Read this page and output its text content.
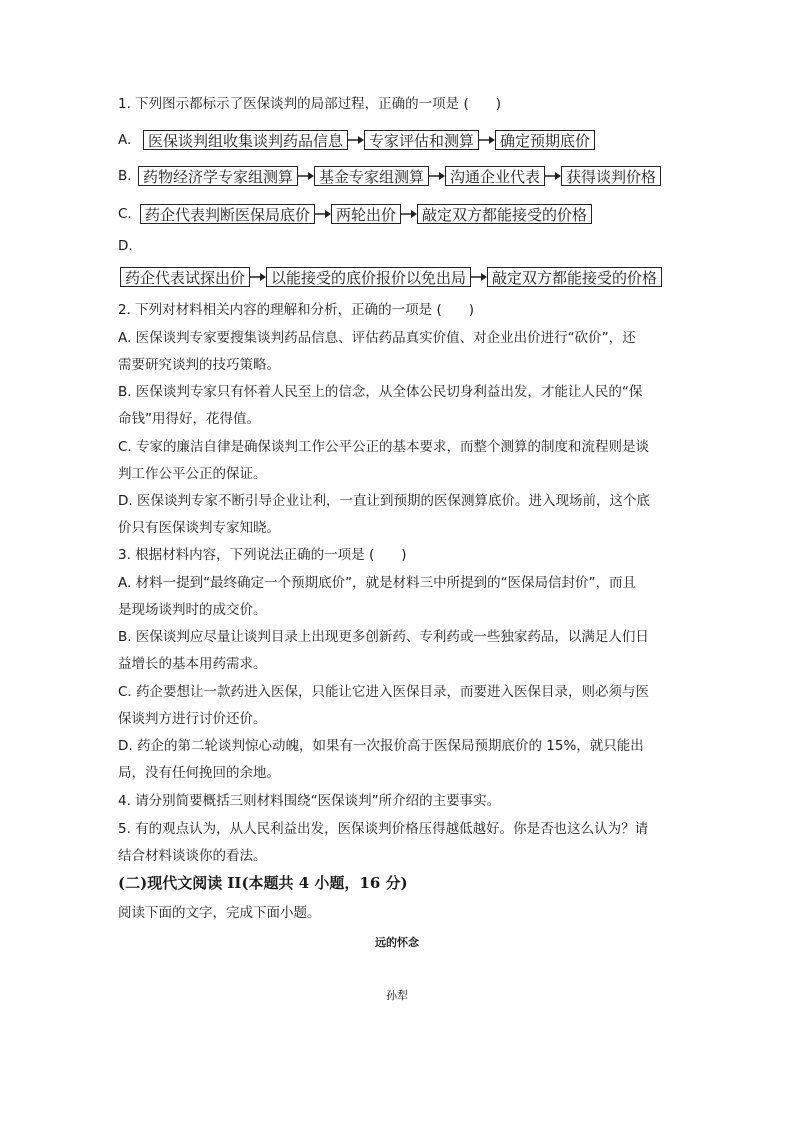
1. 下列图示都标示了医保谈判的局部过程，正确的一项是 (　　)
A.	医保谈判组收集谈判药品信息	专家评估和测算	确定预期底价
B. 药物经济学专家组测算	基金专家组测算	沟通企业代表	获得谈判价格
C. 药企代表判断医保局底价	两轮出价	敲定双方都能接受的价格
D.
药企代表试探出价	以能接受的底价报价以免出局	敲定双方都能接受的价格
2. 下列对材料相关内容的理解和分析，正确的一项是 (　　)
A. 医保谈判专家要搜集谈判药品信息、评估药品真实价值、对企业出价进行“砍价”，还
需要研究谈判的技巧策略。
B. 医保谈判专家只有怀着人民至上的信念，从全体公民切身利益出发，才能让人民的“保
命钱”用得好，花得值。
C. 专家的廉洁自律是确保谈判工作公平公正的基本要求，而整个测算的制度和流程则是谈
判工作公平公正的保证。
D. 医保谈判专家不断引导企业让利，一直让到预期的医保测算底价。进入现场前，这个底
价只有医保谈判专家知晓。
3. 根据材料内容，下列说法正确的一项是 (　　)
A. 材料一提到“最终确定一个预期底价”，就是材料三中所提到的“医保局信封价”，而且
是现场谈判时的成交价。
B. 医保谈判应尽量让谈判目录上出现更多创新药、专利药或一些独家药品，以满足人们日
益增长的基本用药需求。
C. 药企要想让一款药进入医保，只能让它进入医保目录，而要进入医保目录，则必须与医
保谈判方进行讨价还价。
D. 药企的第二轮谈判惊心动魄，如果有一次报价高于医保局预期底价的 15%，就只能出
局，没有任何挽回的余地。
4. 请分别简要概括三则材料围绕“医保谈判”所介绍的主要事实。
5. 有的观点认为，从人民利益出发，医保谈判价格压得越低越好。你是否也这么认为？请
结合材料谈谈你的看法。
(二)现代文阅读 II(本题共 4 小题，16 分)
阅读下面的文字，完成下面小题。
远的怀念
孙犁
